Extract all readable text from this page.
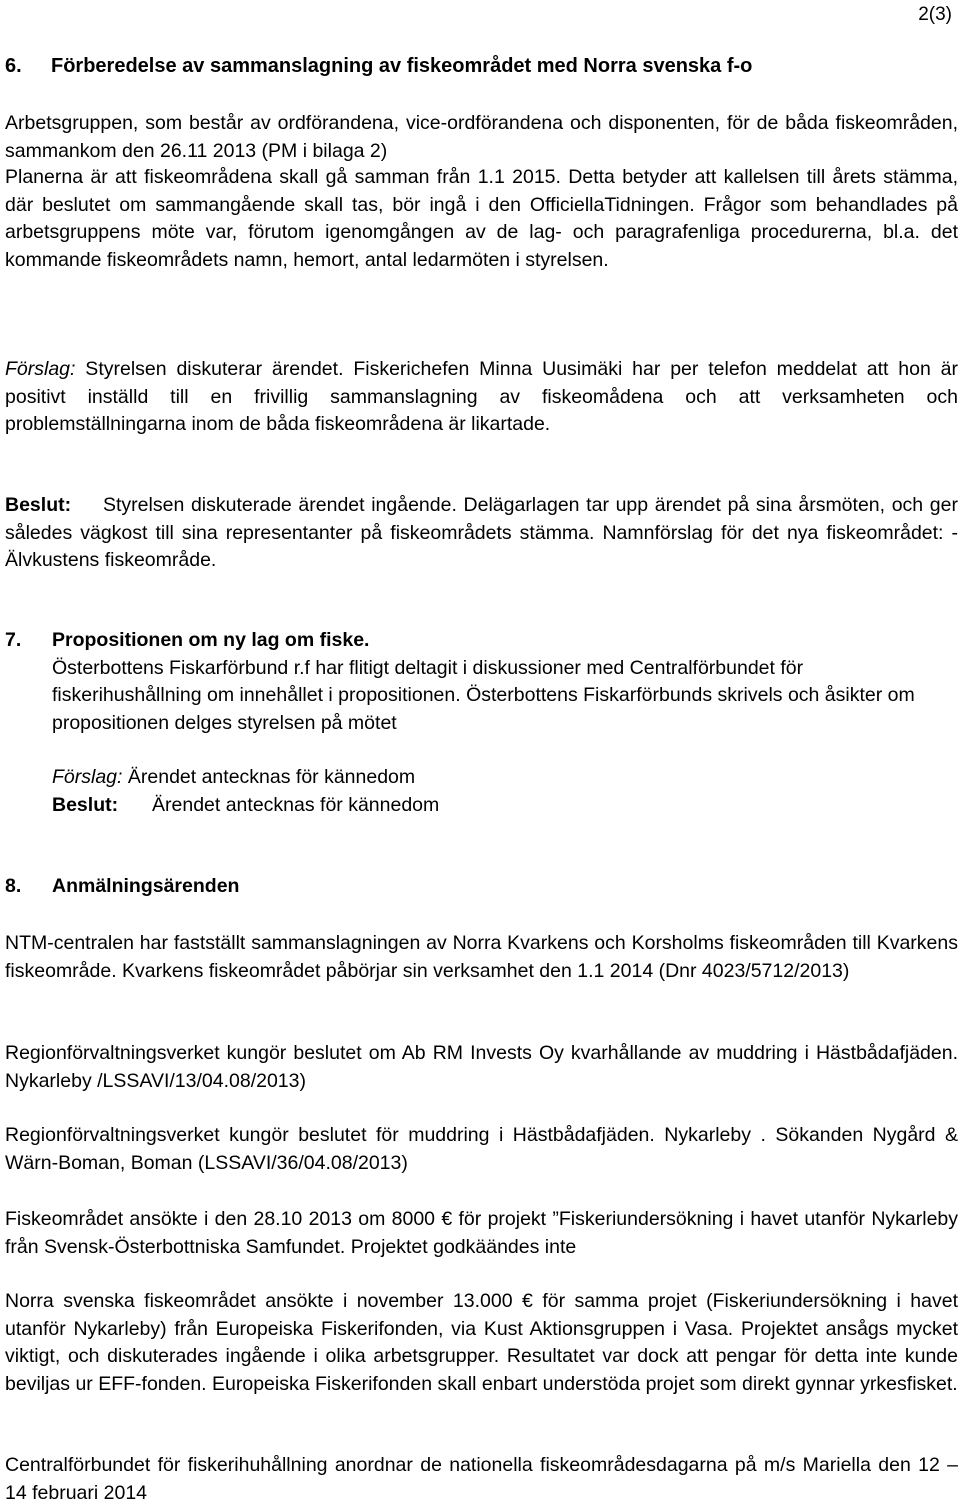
2(3)
6. Förberedelse av sammanslagning av fiskeområdet med Norra svenska f-o

Arbetsgruppen, som består av ordförandena, vice-ordförandena och disponenten, för de båda fiskeområden, sammankom den 26.11 2013 (PM i bilaga 2)

Planerna är att fiskeområdena skall gå samman från 1.1 2015. Detta betyder att kallelsen till årets stämma, där beslutet om sammangående skall tas, bör ingå i den OfficiellaTidningen. Frågor som behandlades på arbetsgruppens möte var, förutom igenomgången av de lag- och paragrafenliga procedurerna, bl.a. det kommande fiskeområdets namn, hemort, antal ledarmöten i styrelsen.

Förslag: Styrelsen diskuterar ärendet. Fiskerichefen Minna Uusimäki har per telefon meddelat att hon är positivt inställd till en frivillig sammanslagning av fiskeomådena och att verksamheten och problemställningarna inom de båda fiskeområdena är likartade.

Beslut: Styrelsen diskuterade ärendet ingående. Delägarlagen tar upp ärendet på sina årsmöten, och ger således vägkost till sina representanter på fiskeområdets stämma. Namnförslag för det nya fiskeområdet: - Älvkustens fiskeområde.

7. Propositionen om ny lag om fiske.

Österbottens Fiskarförbund r.f har flitigt deltagit i diskussioner med Centralförbundet för fiskerihushållning om innehållet i propositionen. Österbottens Fiskarförbunds skrivels och åsikter om propositionen delges styrelsen på mötet

Förslag: Ärendet antecknas för kännedom

Beslut: Ärendet antecknas för kännedom

8. Anmälningsärenden

NTM-centralen har fastställt sammanslagningen av Norra Kvarkens och Korsholms fiskeområden till Kvarkens fiskeområde. Kvarkens fiskeområdet påbörjar sin verksamhet den 1.1 2014 (Dnr 4023/5712/2013)

Regionförvaltningsverket kungör beslutet om Ab RM Invests Oy kvarhållande av muddring i Hästbådafjäden. Nykarleby /LSSAVI/13/04.08/2013)

Regionförvaltningsverket kungör beslutet för muddring i Hästbådafjäden. Nykarleby . Sökanden Nygård & Wärn-Boman, Boman (LSSAVI/36/04.08/2013)

Fiskeområdet ansökte i den 28.10 2013 om 8000 € för projekt ”Fiskeriundersökning i havet utanför Nykarleby från Svensk-Österbottniska Samfundet. Projektet godkäändes inte

Norra svenska fiskeområdet ansökte i november 13.000 € för samma projet (Fiskeriundersökning i havet utanför Nykarleby) från Europeiska Fiskerifonden, via Kust Aktionsgruppen i Vasa. Projektet ansågs mycket viktigt, och diskuterades ingående i olika arbetsgrupper. Resultatet var dock att pengar för detta inte kunde beviljas ur EFF-fonden. Europeiska Fiskerifonden skall enbart understöda projet som direkt gynnar yrkesfisket.

Centralförbundet för fiskerihuhållning anordnar de nationella fiskeområdesdagarna på m/s Mariella den 12 – 14 februari 2014
